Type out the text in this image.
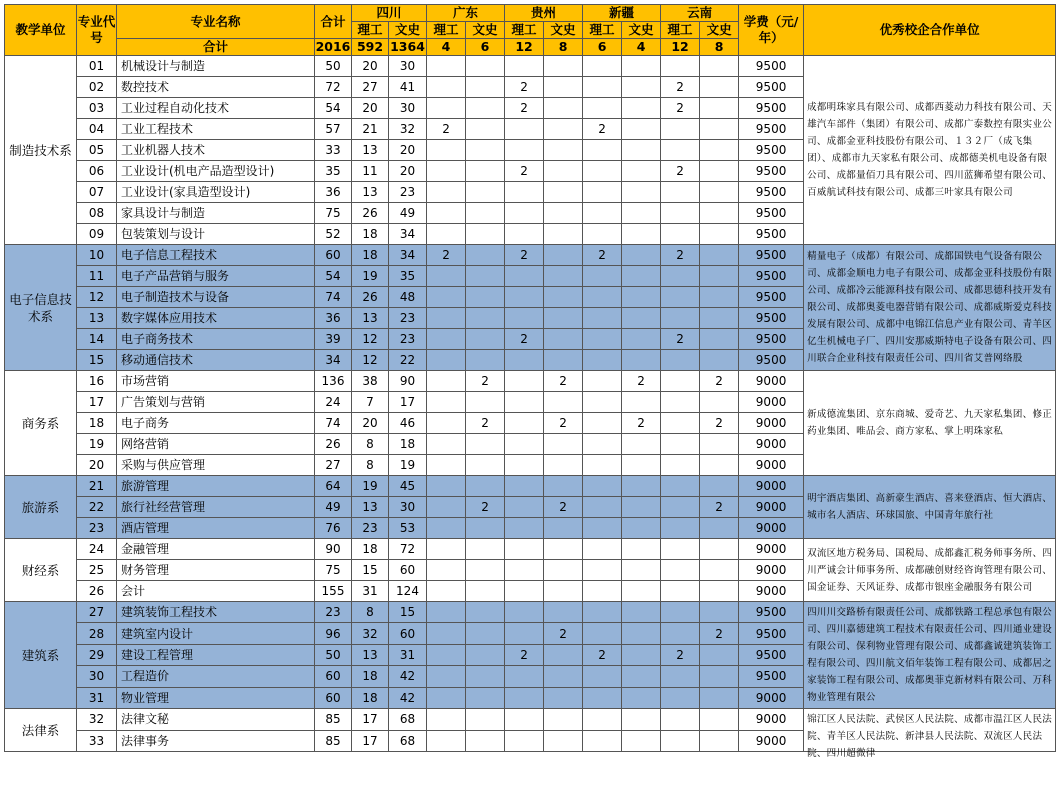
教学单位	专业代号	专业名称	合计	四川		广东		贵州		新疆		云南		学费（元/年）	优秀校企合作单位
				理工	文史	理工	文史	理工	文史	理工	文史	理工	文史		
		合计	2016	592	1364	4	6	12	8	6	4	12	8		
制造技术系	01	机械设计与制造	50	20	30									9500	成都明珠家具有限公司、成都西菱动力科技有限公司、天雄汽车部件（集团）有限公司、成都广泰数控有限实业公司、成都金亚科技股份有限公司、１３２厂（成飞集团）、成都市九天家私有限公司、成都德美机电设备有限公司、成都量佰刀具有限公司、四川蓝狮希望有限公司、百威航试科技有限公司、成都三叶家具有限公司

	02	数控技术	72	27	41			2				2		9500	
	03	工业过程自动化技术	54	20	30			2				2		9500	
	04	工业工程技术	57	21	32	2				2				9500	
	05	工业机器人技术	33	13	20									9500	
	06	工业设计(机电产品造型设计)	35	11	20			2				2		9500	
	07	工业设计(家具造型设计)	36	13	23									9500	
	08	家具设计与制造	75	26	49									9500	
	09	包装策划与设计	52	18	34									9500	
电子信息技术系	10	电子信息工程技术	60	18	34	2		2		2		2		9500	精量电子（成都）有限公司、成都国铁电气设备有限公司、成都金顺电力电子有限公司、成都金亚科技股份有限公司、成都冷云能源科技有限公司、成都思德科技开发有限公司、成都奥菱电器营销有限公司、成都威斯爱克科技发展有限公司、成都中电锦江信息产业有限公司、青羊区亿生机械电子厂、四川安那威斯特电子设备有限公司、四川联合企业科技有限责任公司、四川省艾普网络股

	11	电子产品营销与服务	54	19	35									9500	
	12	电子制造技术与设备	74	26	48									9500	
	13	数字媒体应用技术	36	13	23									9500	
	14	电子商务技术	39	12	23			2				2		9500	
	15	移动通信技术	34	12	22									9500	
商务系	16	市场营销	136	38	90		2		2		2		2	9000	新成德流集团、京东商城、爱奇艺、九天家私集团、修正药业集团、唯品会、商方家私、掌上明珠家私

	17	广告策划与营销	24	7	17									9000	
	18	电子商务	74	20	46		2		2		2		2	9000	
	19	网络营销	26	8	18									9000	
	20	采购与供应管理	27	8	19									9000	
旅游系	21	旅游管理	64	19	45									9000	明宇酒店集团、高新豪生酒店、喜来登酒店、恒大酒店、城市名人酒店、环球国旅、中国青年旅行社

	22	旅行社经营管理	49	13	30		2		2				2	9000	
	23	酒店管理	76	23	53									9000	
财经系	24	金融管理	90	18	72									9000	双流区地方税务局、国税局、成都鑫汇税务师事务所、四川严诚会计师事务所、成都融创财经咨询管理有限公司、国金证券、天风证券、成都市银座金融服务有限公司

	25	财务管理	75	15	60									9000	
	26	会计	155	31	124									9000	
建筑系	27	建筑装饰工程技术	23	8	15									9500	四川川交路桥有限责任公司、成都铁路工程总承包有限公司、四川嘉德建筑工程技术有限责任公司、四川通业建设有限公司、保利物业管理有限公司、成都鑫诚建筑装饰工程有限公司、四川航文佰年装饰工程有限公司、成都居之家装饰工程有限公司、成都奥菲克新材料有限公司、万科物业管理有限公

	28	建筑室内设计	96	32	60				2				2	9500	
	29	建设工程管理	50	13	31			2		2		2		9500	
	30	工程造价	60	18	42									9500	
	31	物业管理	60	18	42									9000	
法律系	32	法律文秘	85	17	68									9000	锦江区人民法院、武侯区人民法院、成都市温江区人民法院、青羊区人民法院、新津县人民法院、双流区人民法院、四川超微律

	33	法律事务	85	17	68									9000	
